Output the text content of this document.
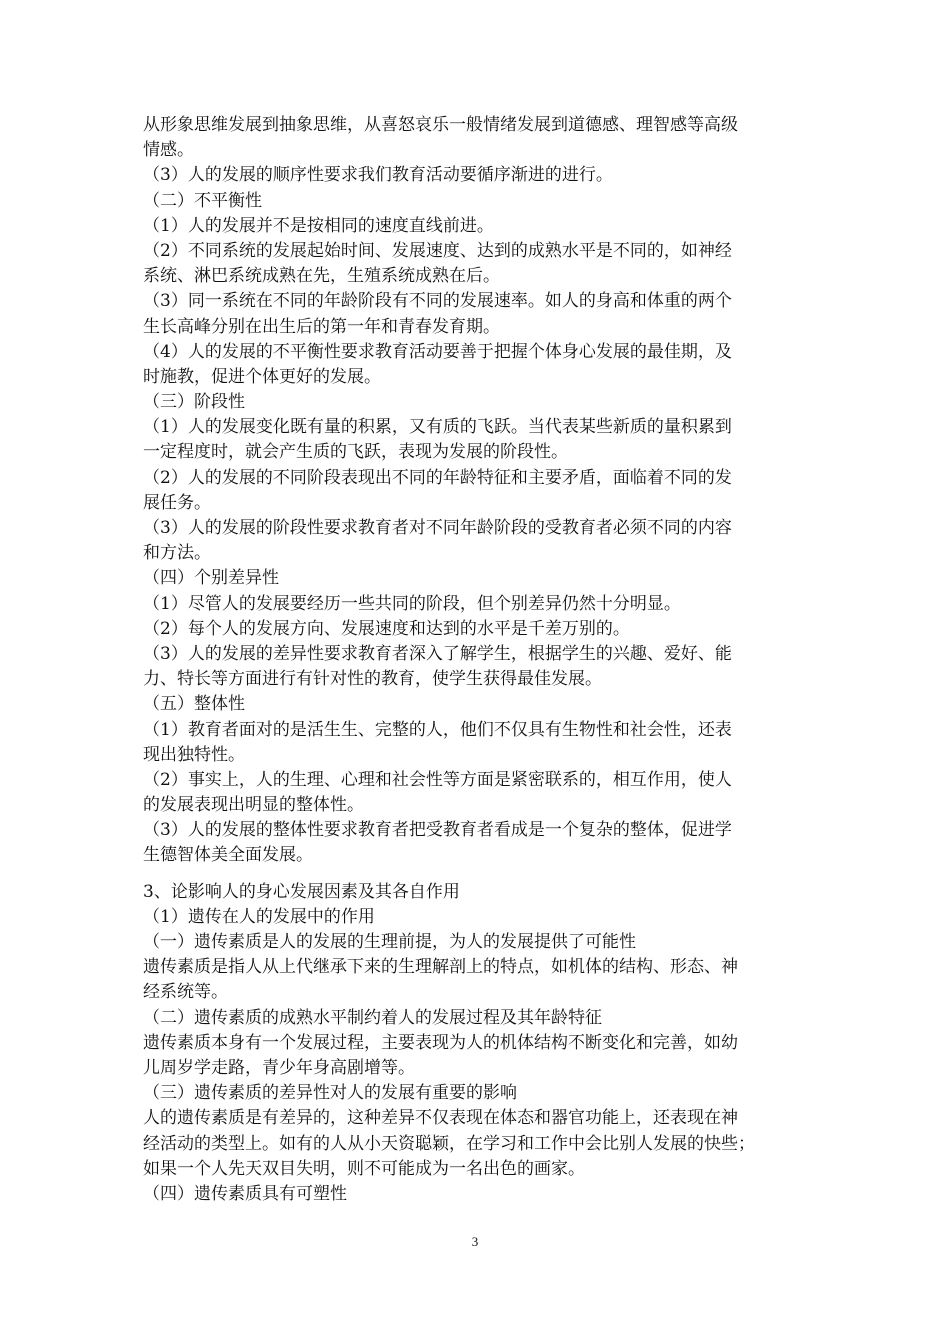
从形象思维发展到抽象思维，从喜怒哀乐一般情绪发展到道德感、理智感等高级
情感。
（3）人的发展的顺序性要求我们教育活动要循序渐进的进行。
（二）不平衡性
（1）人的发展并不是按相同的速度直线前进。
（2）不同系统的发展起始时间、发展速度、达到的成熟水平是不同的，如神经
系统、淋巴系统成熟在先，生殖系统成熟在后。
（3）同一系统在不同的年龄阶段有不同的发展速率。如人的身高和体重的两个
生长高峰分别在出生后的第一年和青春发育期。
（4）人的发展的不平衡性要求教育活动要善于把握个体身心发展的最佳期，及
时施教，促进个体更好的发展。
（三）阶段性
（1）人的发展变化既有量的积累，又有质的飞跃。当代表某些新质的量积累到
一定程度时，就会产生质的飞跃，表现为发展的阶段性。
（2）人的发展的不同阶段表现出不同的年龄特征和主要矛盾，面临着不同的发
展任务。
（3）人的发展的阶段性要求教育者对不同年龄阶段的受教育者必须不同的内容
和方法。
（四）个别差异性
（1）尽管人的发展要经历一些共同的阶段，但个别差异仍然十分明显。
（2）每个人的发展方向、发展速度和达到的水平是千差万别的。
（3）人的发展的差异性要求教育者深入了解学生，根据学生的兴趣、爱好、能
力、特长等方面进行有针对性的教育，使学生获得最佳发展。
（五）整体性
（1）教育者面对的是活生生、完整的人，他们不仅具有生物性和社会性，还表
现出独特性。
（2）事实上，人的生理、心理和社会性等方面是紧密联系的，相互作用，使人
的发展表现出明显的整体性。
（3）人的发展的整体性要求教育者把受教育者看成是一个复杂的整体，促进学
生德智体美全面发展。
3、论影响人的身心发展因素及其各自作用
（1）遗传在人的发展中的作用
（一）遗传素质是人的发展的生理前提，为人的发展提供了可能性
遗传素质是指人从上代继承下来的生理解剖上的特点，如机体的结构、形态、神
经系统等。
（二）遗传素质的成熟水平制约着人的发展过程及其年龄特征
遗传素质本身有一个发展过程，主要表现为人的机体结构不断变化和完善，如幼
儿周岁学走路，青少年身高剧增等。
（三）遗传素质的差异性对人的发展有重要的影响
人的遗传素质是有差异的，这种差异不仅表现在体态和器官功能上，还表现在神
经活动的类型上。如有的人从小天资聪颖，在学习和工作中会比别人发展的快些；
如果一个人先天双目失明，则不可能成为一名出色的画家。
（四）遗传素质具有可塑性
3
